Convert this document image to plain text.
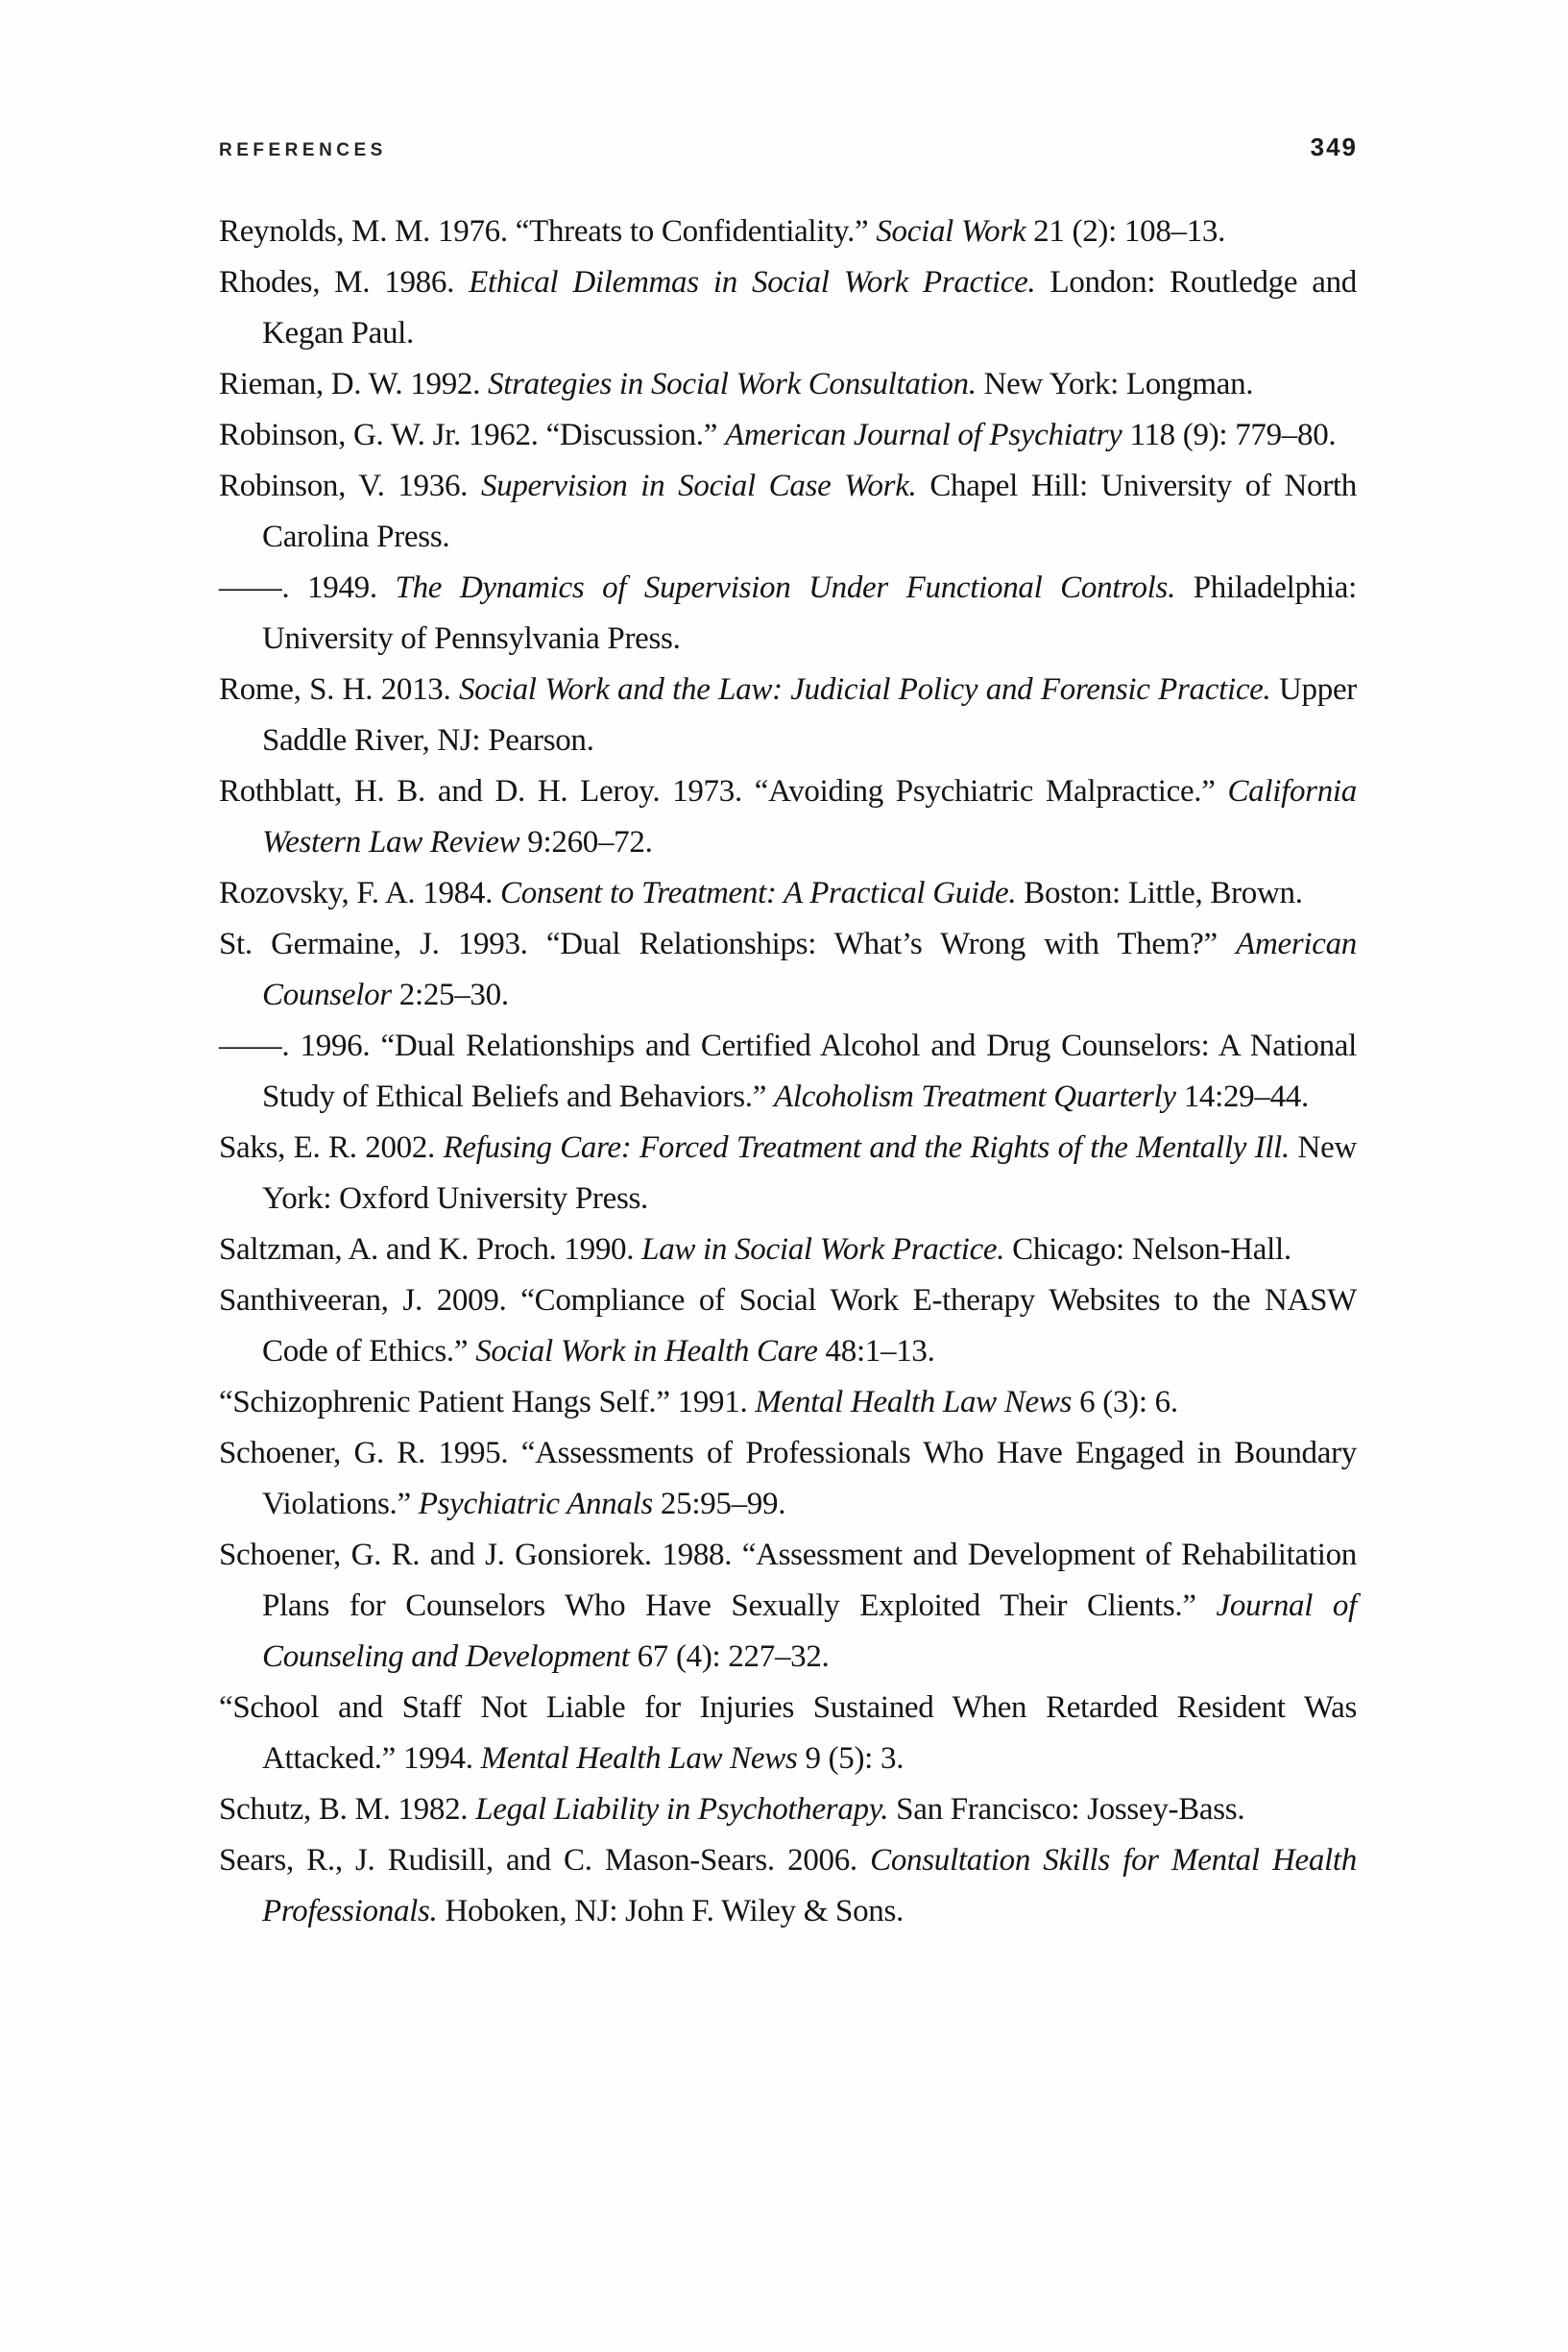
REFERENCES	349

Reynolds, M. M. 1976. “Threats to Confidentiality.” Social Work 21 (2): 108–13.

Rhodes, M. 1986. Ethical Dilemmas in Social Work Practice. London: Routledge and Kegan Paul.

Rieman, D. W. 1992. Strategies in Social Work Consultation. New York: Longman.

Robinson, G. W. Jr. 1962. “Discussion.” American Journal of Psychiatry 118 (9): 779–80.

Robinson, V. 1936. Supervision in Social Case Work. Chapel Hill: University of North Carolina Press.

——. 1949. The Dynamics of Supervision Under Functional Controls. Philadelphia: University of Pennsylvania Press.

Rome, S. H. 2013. Social Work and the Law: Judicial Policy and Forensic Practice. Upper Saddle River, NJ: Pearson.

Rothblatt, H. B. and D. H. Leroy. 1973. “Avoiding Psychiatric Malpractice.” California Western Law Review 9:260–72.

Rozovsky, F. A. 1984. Consent to Treatment: A Practical Guide. Boston: Little, Brown.

St. Germaine, J. 1993. “Dual Relationships: What’s Wrong with Them?” American Counselor 2:25–30.

——. 1996. “Dual Relationships and Certified Alcohol and Drug Counselors: A National Study of Ethical Beliefs and Behaviors.” Alcoholism Treatment Quarterly 14:29–44.

Saks, E. R. 2002. Refusing Care: Forced Treatment and the Rights of the Mentally Ill. New York: Oxford University Press.

Saltzman, A. and K. Proch. 1990. Law in Social Work Practice. Chicago: Nelson-Hall.

Santhiveeran, J. 2009. “Compliance of Social Work E-therapy Websites to the NASW Code of Ethics.” Social Work in Health Care 48:1–13.

“Schizophrenic Patient Hangs Self.” 1991. Mental Health Law News 6 (3): 6.

Schoener, G. R. 1995. “Assessments of Professionals Who Have Engaged in Boundary Violations.” Psychiatric Annals 25:95–99.

Schoener, G. R. and J. Gonsiorek. 1988. “Assessment and Development of Rehabilitation Plans for Counselors Who Have Sexually Exploited Their Clients.” Journal of Counseling and Development 67 (4): 227–32.

“School and Staff Not Liable for Injuries Sustained When Retarded Resident Was Attacked.” 1994. Mental Health Law News 9 (5): 3.

Schutz, B. M. 1982. Legal Liability in Psychotherapy. San Francisco: Jossey-Bass.

Sears, R., J. Rudisill, and C. Mason-Sears. 2006. Consultation Skills for Mental Health Professionals. Hoboken, NJ: John F. Wiley & Sons.
